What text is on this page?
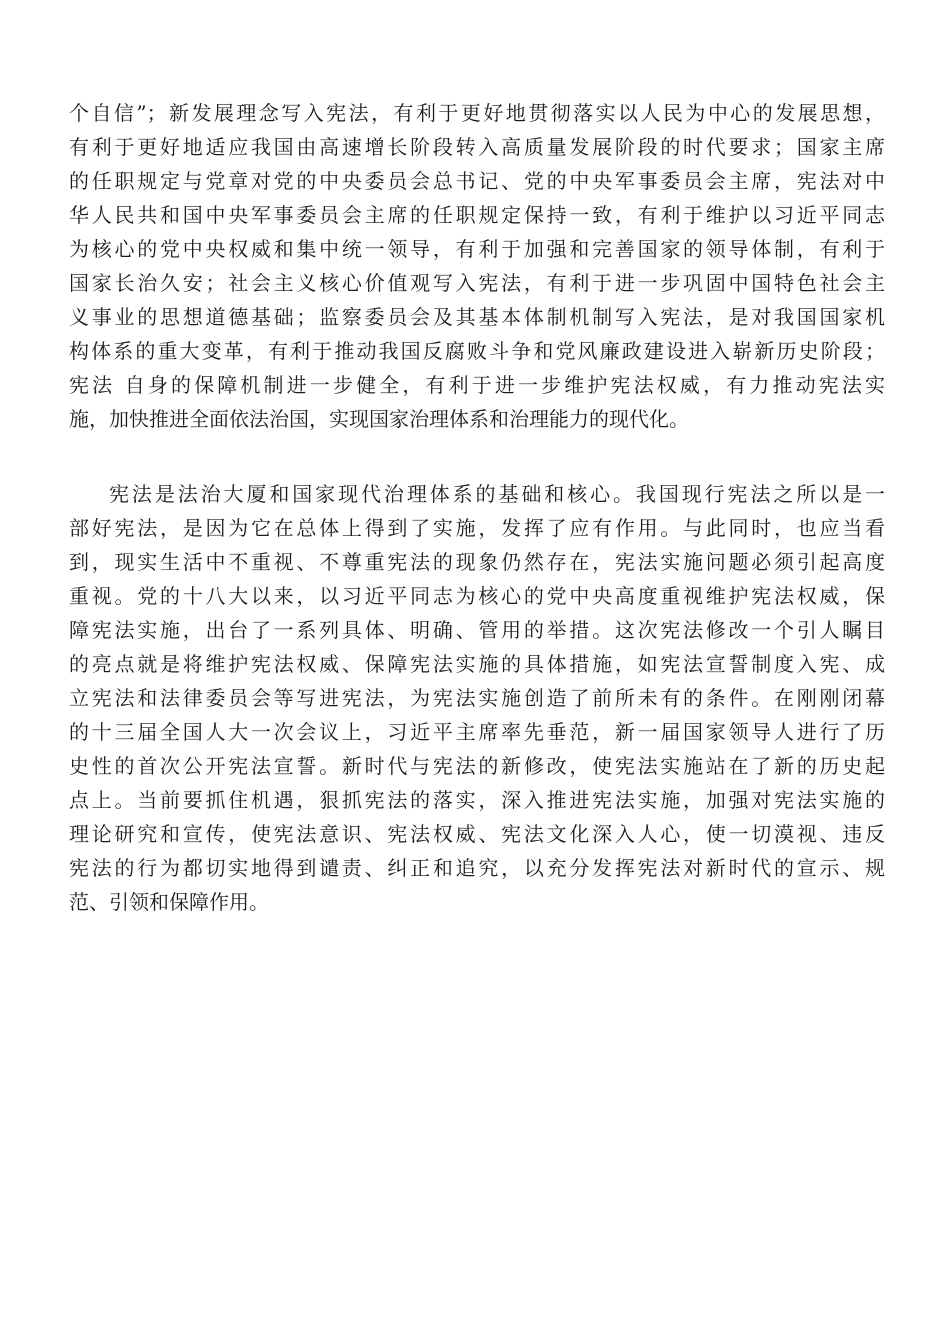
个自信”；新发展理念写入宪法，有利于更好地贯彻落实以人民为中心的发展思想，
有利于更好地适应我国由高速增长阶段转入高质量发展阶段的时代要求；国家主席
的任职规定与党章对党的中央委员会总书记、党的中央军事委员会主席，宪法对中
华人民共和国中央军事委员会主席的任职规定保持一致，有利于维护以习近平同志
为核心的党中央权威和集中统一领导，有利于加强和完善国家的领导体制，有利于
国家长治久安；社会主义核心价值观写入宪法，有利于进一步巩固中国特色社会主
义事业的思想道德基础；监察委员会及其基本体制机制写入宪法，是对我国国家机
构体系的重大变革，有利于推动我国反腐败斗争和党风廉政建设进入崭新历史阶段；
宪法 自身的保障机制进一步健全，有利于进一步维护宪法权威，有力推动宪法实
施，加快推进全面依法治国，实现国家治理体系和治理能力的现代化。
宪法是法治大厦和国家现代治理体系的基础和核心。我国现行宪法之所以是一
部好宪法，是因为它在总体上得到了实施，发挥了应有作用。与此同时，也应当看
到，现实生活中不重视、不尊重宪法的现象仍然存在，宪法实施问题必须引起高度
重视。党的十八大以来，以习近平同志为核心的党中央高度重视维护宪法权威，保
障宪法实施，出台了一系列具体、明确、管用的举措。这次宪法修改一个引人瞩目
的亮点就是将维护宪法权威、保障宪法实施的具体措施，如宪法宣誓制度入宪、成
立宪法和法律委员会等写进宪法，为宪法实施创造了前所未有的条件。在刚刚闭幕
的十三届全国人大一次会议上，习近平主席率先垂范，新一届国家领导人进行了历
史性的首次公开宪法宣誓。新时代与宪法的新修改，使宪法实施站在了新的历史起
点上。当前要抓住机遇，狠抓宪法的落实，深入推进宪法实施，加强对宪法实施的
理论研究和宣传，使宪法意识、宪法权威、宪法文化深入人心，使一切漠视、违反
宪法的行为都切实地得到谴责、纠正和追究，以充分发挥宪法对新时代的宣示、规
范、引领和保障作用。
